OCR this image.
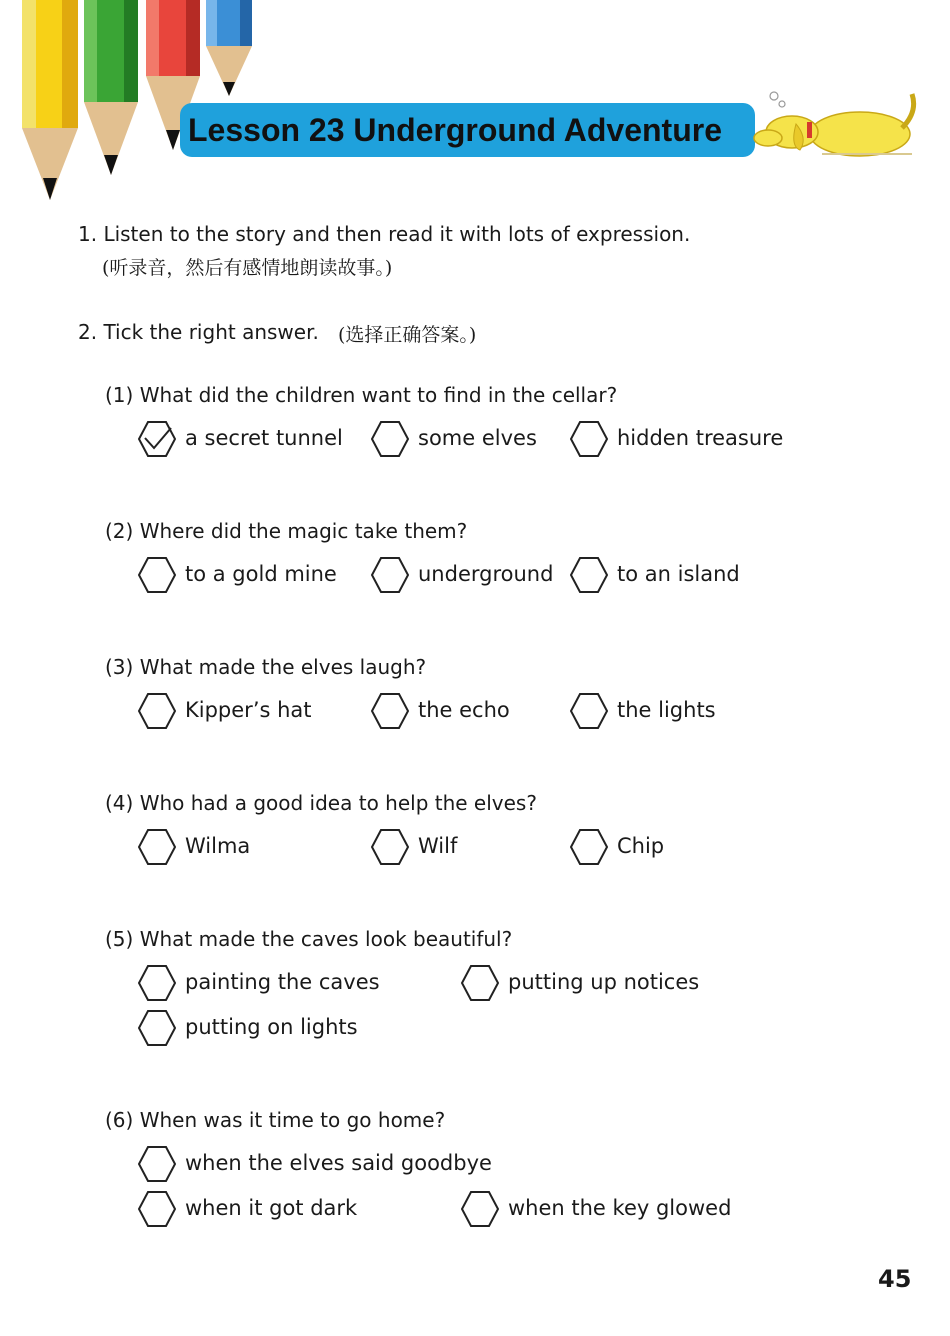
Lesson 23 Underground Adventure
1. Listen to the story and then read it with lots of expression.
(听录音，然后有感情地朗读故事。)
2. Tick the right answer. (选择正确答案。)
(1) What did the children want to find in the cellar?
a secret tunnel	some elves	hidden treasure
(2) Where did the magic take them?
to a gold mine	underground	to an island
(3) What made the elves laugh?
Kipper’s hat	the echo	the lights
(4) Who had a good idea to help the elves?
Wilma	Wilf	Chip
(5) What made the caves look beautiful?
painting the caves	putting up notices
putting on lights
(6) When was it time to go home?
when the elves said goodbye
when it got dark	when the key glowed
45
